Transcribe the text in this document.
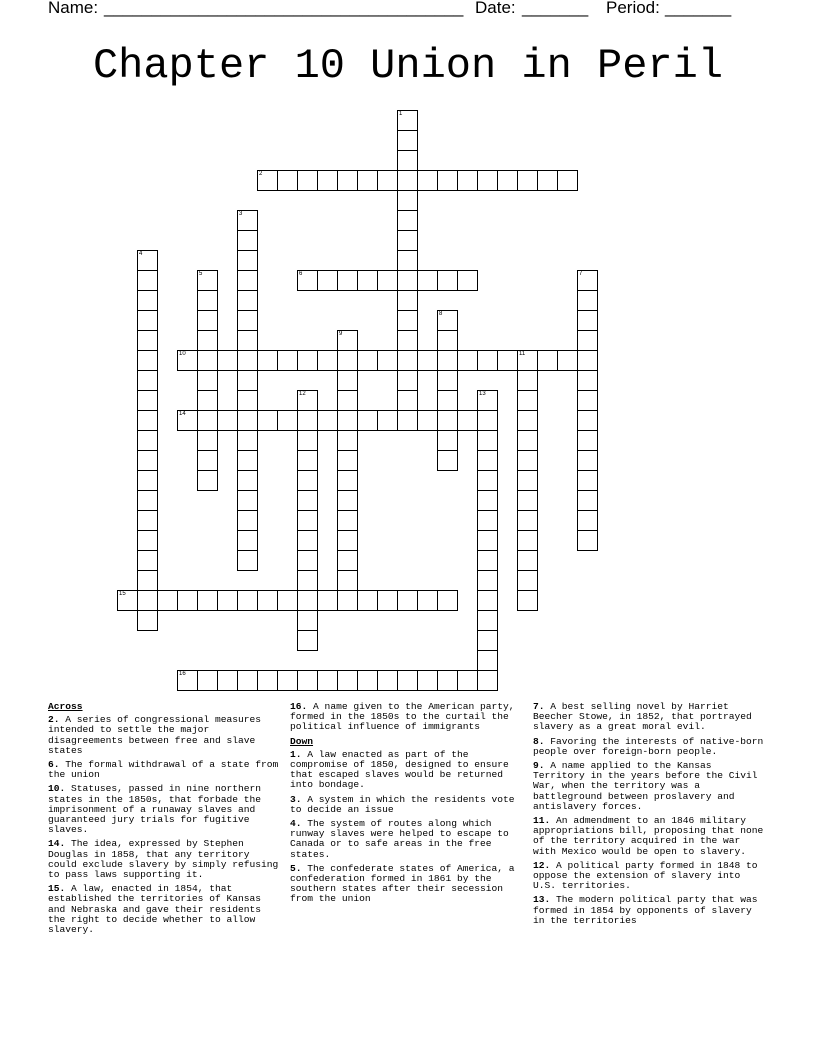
Name: ______________________________________ Date: _______ Period: _______
Chapter 10 Union in Peril
1
2
3
4
5	6	7
8
9
10	11
12	13
14
15
16
Across
2. A series of congressional measures intended to settle the major disagreements between free and slave states
6. The formal withdrawal of a state from the union
10. Statuses, passed in nine northern states in the 1850s, that forbade the imprisonment of a runaway slaves and guaranteed jury trials for fugitive slaves.
14. The idea, expressed by Stephen Douglas in 1858, that any territory could exclude slavery by simply refusing to pass laws supporting it.
15. A law, enacted in 1854, that established the territories of Kansas and Nebraska and gave their residents the right to decide whether to allow slavery.
16. A name given to the American party, formed in the 1850s to the curtail the political influence of immigrants
Down
1. A law enacted as part of the compromise of 1850, designed to ensure that escaped slaves would be returned into bondage.
3. A system in which the residents vote to decide an issue
4. The system of routes along which runway slaves were helped to escape to Canada or to safe areas in the free states.
5. The confederate states of America, a confederation formed in 1861 by the southern states after their secession from the union
7. A best selling novel by Harriet Beecher Stowe, in 1852, that portrayed slavery as a great moral evil.
8. Favoring the interests of native-born people over foreign-born people.
9. A name applied to the Kansas Territory in the years before the Civil War, when the territory was a battleground between proslavery and antislavery forces.
11. An admendment to an 1846 military appropriations bill, proposing that none of the territory acquired in the war with Mexico would be open to slavery.
12. A political party formed in 1848 to oppose the extension of slavery into U.S. territories.
13. The modern political party that was formed in 1854 by opponents of slavery in the territories
